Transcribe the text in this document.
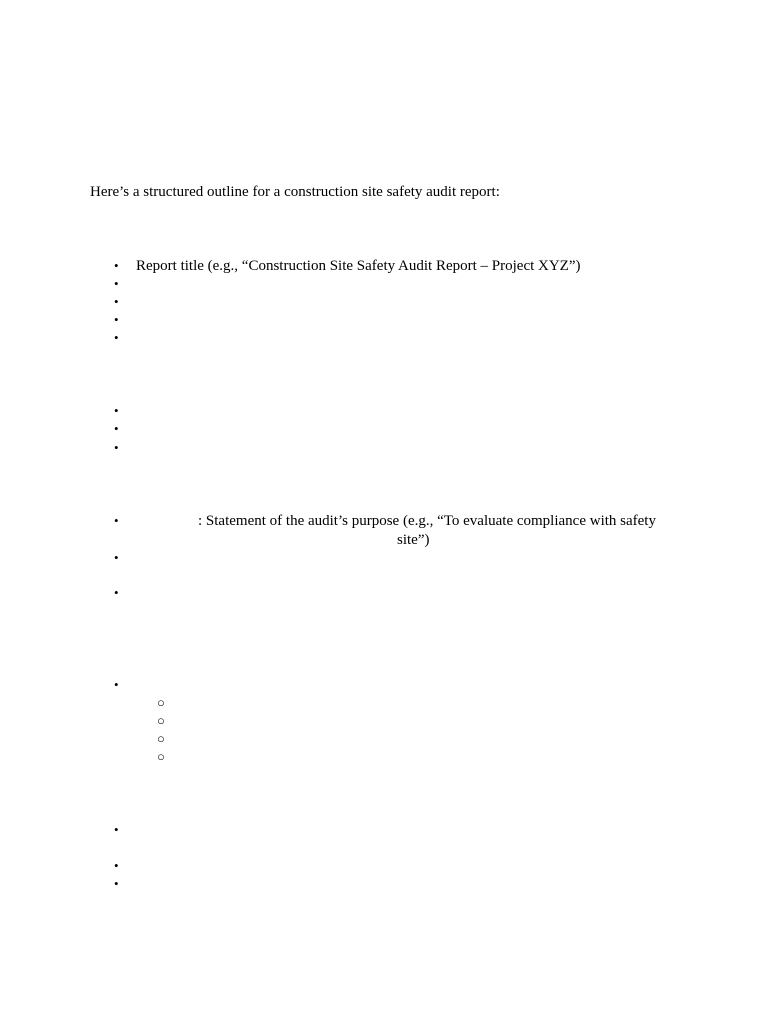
Here’s a structured outline for a construction site safety audit report:
•	Report title (e.g., “Construction Site Safety Audit Report – Project XYZ”)
•
•
•
•
•
•
•
•	: Statement of the audit’s purpose (e.g., “To evaluate compliance with safety
site”)
•
•
•
○
○
○
○
•
•
•
